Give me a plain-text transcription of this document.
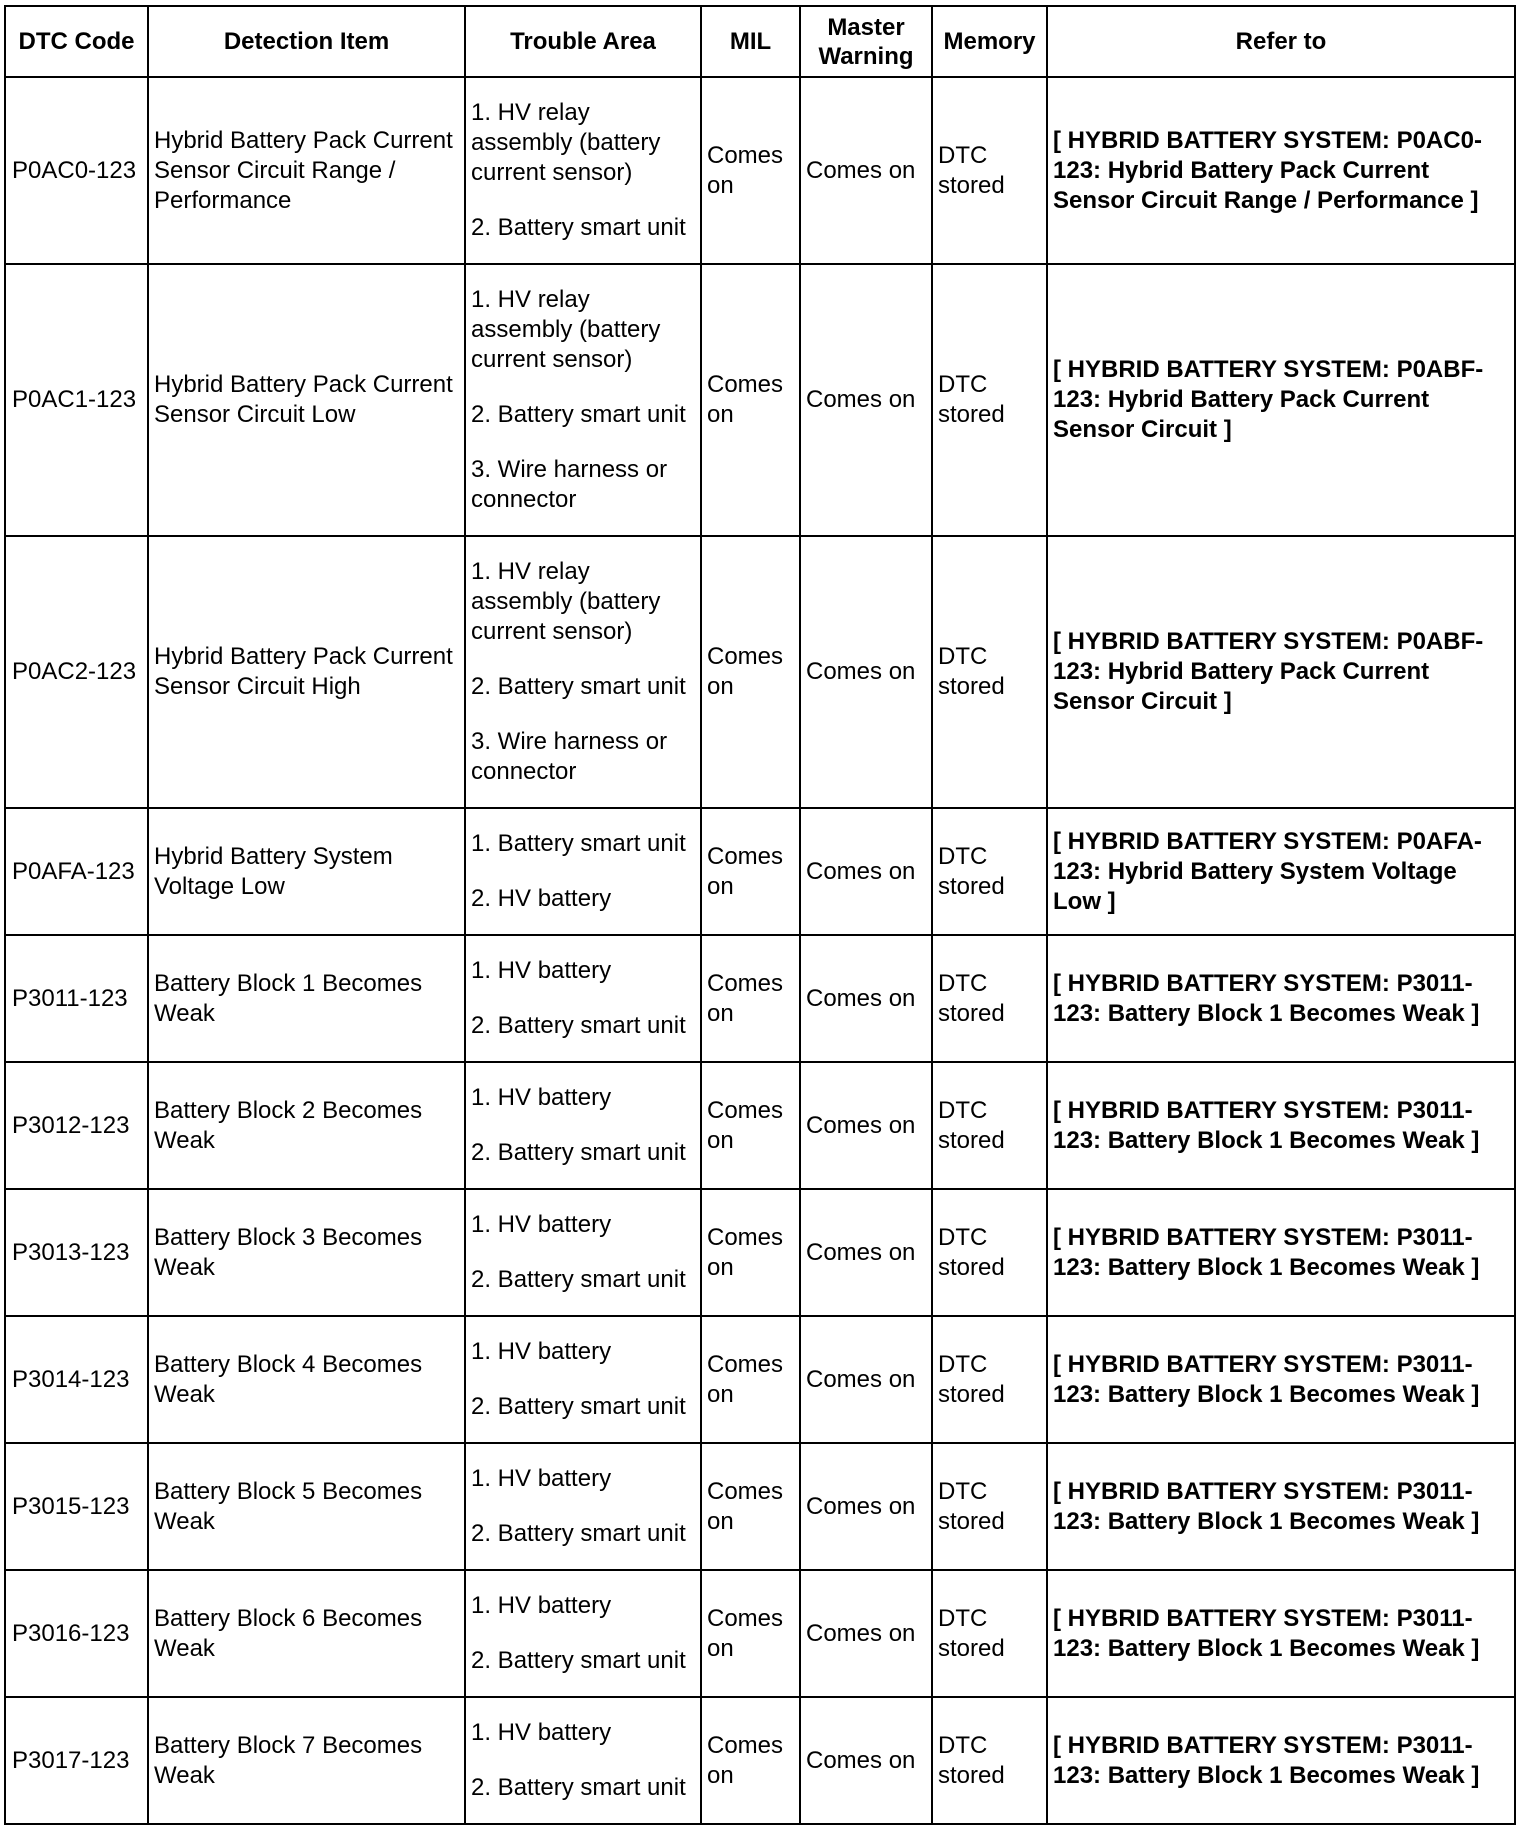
DTC Code	Detection Item	Trouble Area	MIL	Master Warning	Memory	Refer to
P0AC0-123	Hybrid Battery Pack Current Sensor Circuit Range / Performance	1. HV relay assembly (battery current sensor)
2. Battery smart unit	Comes on	Comes on	DTC stored	[ HYBRID BATTERY SYSTEM: P0AC0-123: Hybrid Battery Pack Current Sensor Circuit Range / Performance ]
P0AC1-123	Hybrid Battery Pack Current Sensor Circuit Low	1. HV relay assembly (battery current sensor)
2. Battery smart unit
3. Wire harness or connector	Comes on	Comes on	DTC stored	[ HYBRID BATTERY SYSTEM: P0ABF-123: Hybrid Battery Pack Current Sensor Circuit ]
P0AC2-123	Hybrid Battery Pack Current Sensor Circuit High	1. HV relay assembly (battery current sensor)
2. Battery smart unit
3. Wire harness or connector	Comes on	Comes on	DTC stored	[ HYBRID BATTERY SYSTEM: P0ABF-123: Hybrid Battery Pack Current Sensor Circuit ]
P0AFA-123	Hybrid Battery System Voltage Low	1. Battery smart unit
2. HV battery	Comes on	Comes on	DTC stored	[ HYBRID BATTERY SYSTEM: P0AFA-123: Hybrid Battery System Voltage Low ]
P3011-123	Battery Block 1 Becomes Weak	1. HV battery
2. Battery smart unit	Comes on	Comes on	DTC stored	[ HYBRID BATTERY SYSTEM: P3011-123: Battery Block 1 Becomes Weak ]
P3012-123	Battery Block 2 Becomes Weak	1. HV battery
2. Battery smart unit	Comes on	Comes on	DTC stored	[ HYBRID BATTERY SYSTEM: P3011-123: Battery Block 1 Becomes Weak ]
P3013-123	Battery Block 3 Becomes Weak	1. HV battery
2. Battery smart unit	Comes on	Comes on	DTC stored	[ HYBRID BATTERY SYSTEM: P3011-123: Battery Block 1 Becomes Weak ]
P3014-123	Battery Block 4 Becomes Weak	1. HV battery
2. Battery smart unit	Comes on	Comes on	DTC stored	[ HYBRID BATTERY SYSTEM: P3011-123: Battery Block 1 Becomes Weak ]
P3015-123	Battery Block 5 Becomes Weak	1. HV battery
2. Battery smart unit	Comes on	Comes on	DTC stored	[ HYBRID BATTERY SYSTEM: P3011-123: Battery Block 1 Becomes Weak ]
P3016-123	Battery Block 6 Becomes Weak	1. HV battery
2. Battery smart unit	Comes on	Comes on	DTC stored	[ HYBRID BATTERY SYSTEM: P3011-123: Battery Block 1 Becomes Weak ]
P3017-123	Battery Block 7 Becomes Weak	1. HV battery
2. Battery smart unit	Comes on	Comes on	DTC stored	[ HYBRID BATTERY SYSTEM: P3011-123: Battery Block 1 Becomes Weak ]
